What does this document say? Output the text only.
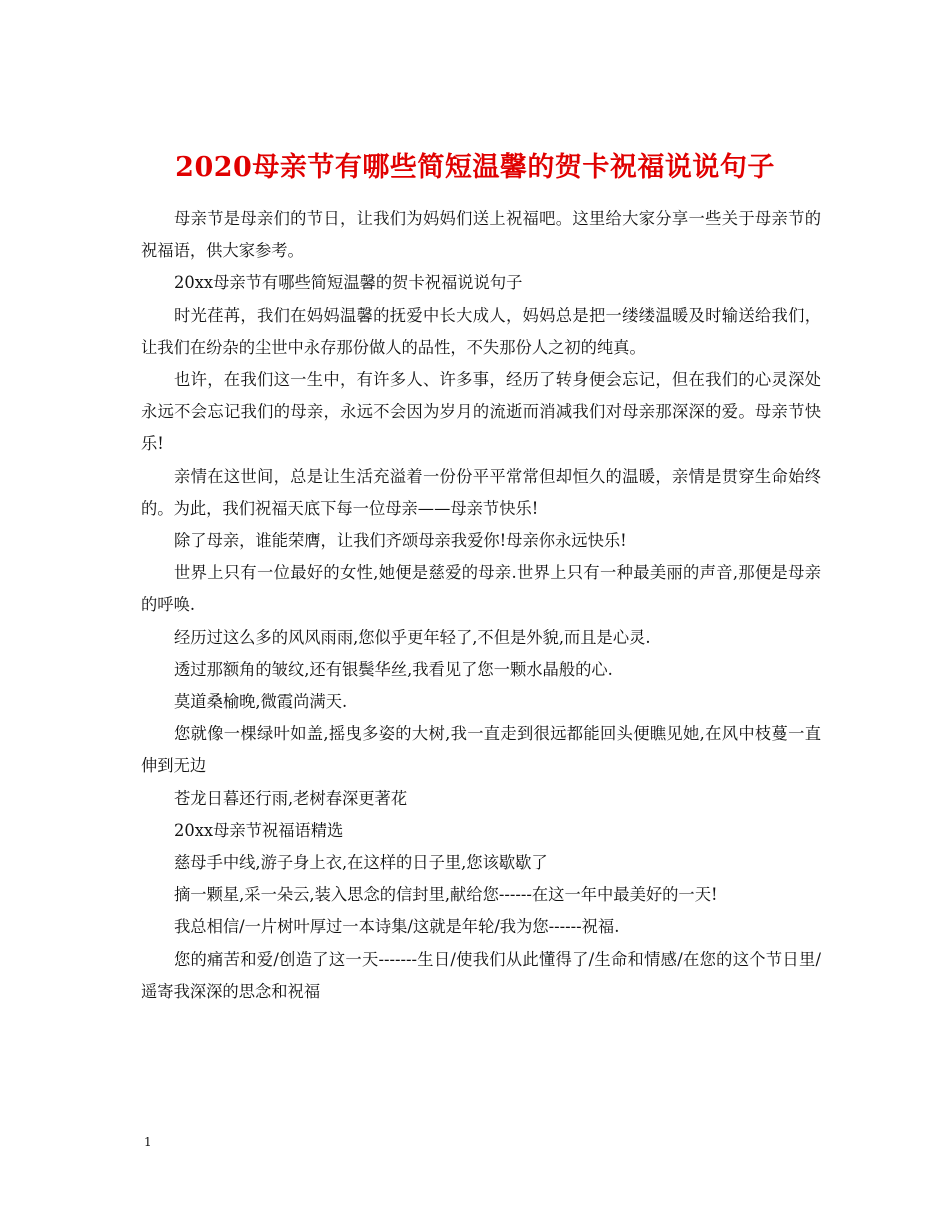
2020母亲节有哪些简短温馨的贺卡祝福说说句子

母亲节是母亲们的节日，让我们为妈妈们送上祝福吧。这里给大家分享一些关于母亲节的祝福语，供大家参考。

20xx母亲节有哪些简短温馨的贺卡祝福说说句子

时光荏苒，我们在妈妈温馨的抚爱中长大成人，妈妈总是把一缕缕温暖及时输送给我们，让我们在纷杂的尘世中永存那份做人的品性，不失那份人之初的纯真。

也许，在我们这一生中，有许多人、许多事，经历了转身便会忘记，但在我们的心灵深处永远不会忘记我们的母亲，永远不会因为岁月的流逝而消减我们对母亲那深深的爱。母亲节快乐!

亲情在这世间，总是让生活充溢着一份份平平常常但却恒久的温暖，亲情是贯穿生命始终的。为此，我们祝福天底下每一位母亲——母亲节快乐!

除了母亲，谁能荣膺，让我们齐颂母亲我爱你!母亲你永远快乐!

世界上只有一位最好的女性,她便是慈爱的母亲.世界上只有一种最美丽的声音,那便是母亲的呼唤.

经历过这么多的风风雨雨,您似乎更年轻了,不但是外貌,而且是心灵.

透过那额角的皱纹,还有银鬓华丝,我看见了您一颗水晶般的心.

莫道桑榆晚,微霞尚满天.

您就像一棵绿叶如盖,摇曳多姿的大树,我一直走到很远都能回头便瞧见她,在风中枝蔓一直伸到无边

苍龙日暮还行雨,老树春深更著花

20xx母亲节祝福语精选

慈母手中线,游子身上衣,在这样的日子里,您该歇歇了

摘一颗星,采一朵云,装入思念的信封里,献给您------在这一年中最美好的一天!

我总相信/一片树叶厚过一本诗集/这就是年轮/我为您------祝福.

您的痛苦和爱/创造了这一天-------生日/使我们从此懂得了/生命和情感/在您的这个节日里/遥寄我深深的思念和祝福

1
